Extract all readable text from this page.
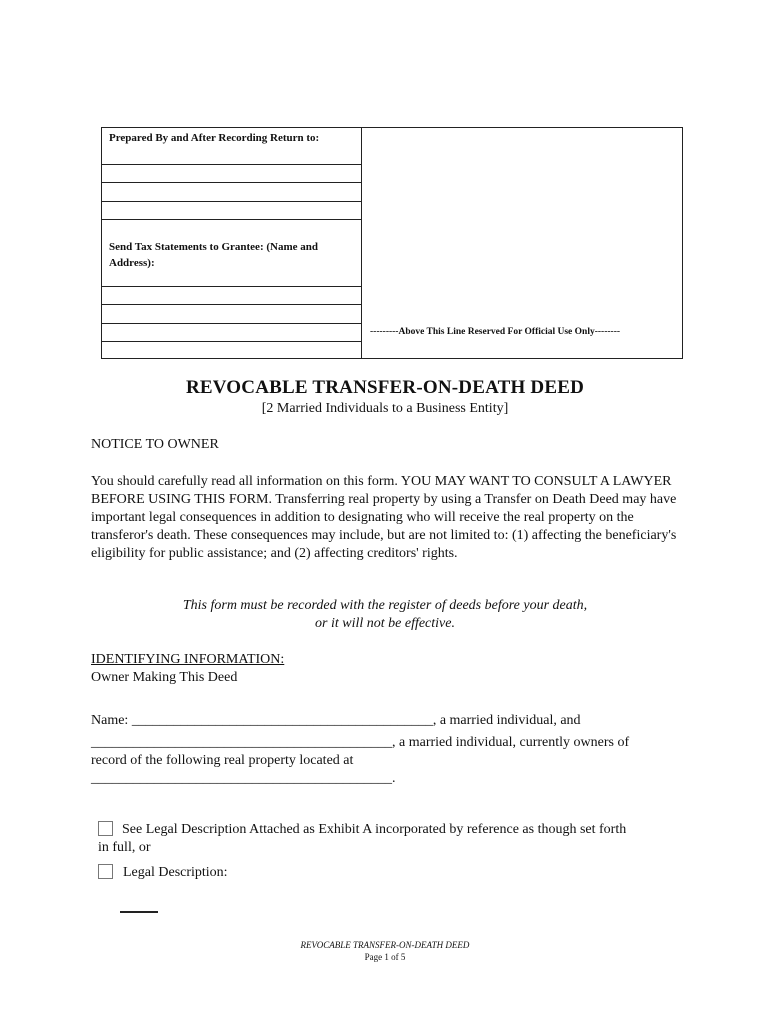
Prepared By and After Recording Return to:
Send Tax Statements to Grantee: (Name and Address):
---------Above This Line Reserved For Official Use Only--------
REVOCABLE TRANSFER-ON-DEATH DEED
[2 Married Individuals to a Business Entity]
NOTICE TO OWNER
You should carefully read all information on this form. YOU MAY WANT TO CONSULT A LAWYER BEFORE USING THIS FORM. Transferring real property by using a Transfer on Death Deed may have important legal consequences in addition to designating who will receive the real property on the transferor's death. These consequences may include, but are not limited to: (1) affecting the beneficiary's eligibility for public assistance; and (2) affecting creditors' rights.
This form must be recorded with the register of deeds before your death,
or it will not be effective.
IDENTIFYING INFORMATION:
Owner Making This Deed
Name: ___________________________________________, a married individual, and
___________________________________________, a married individual, currently owners of
record of the following real property located at
___________________________________________.
See Legal Description Attached as Exhibit A incorporated by reference as though set forth
in full, or
Legal Description:
REVOCABLE TRANSFER-ON-DEATH DEED
Page 1 of 5
